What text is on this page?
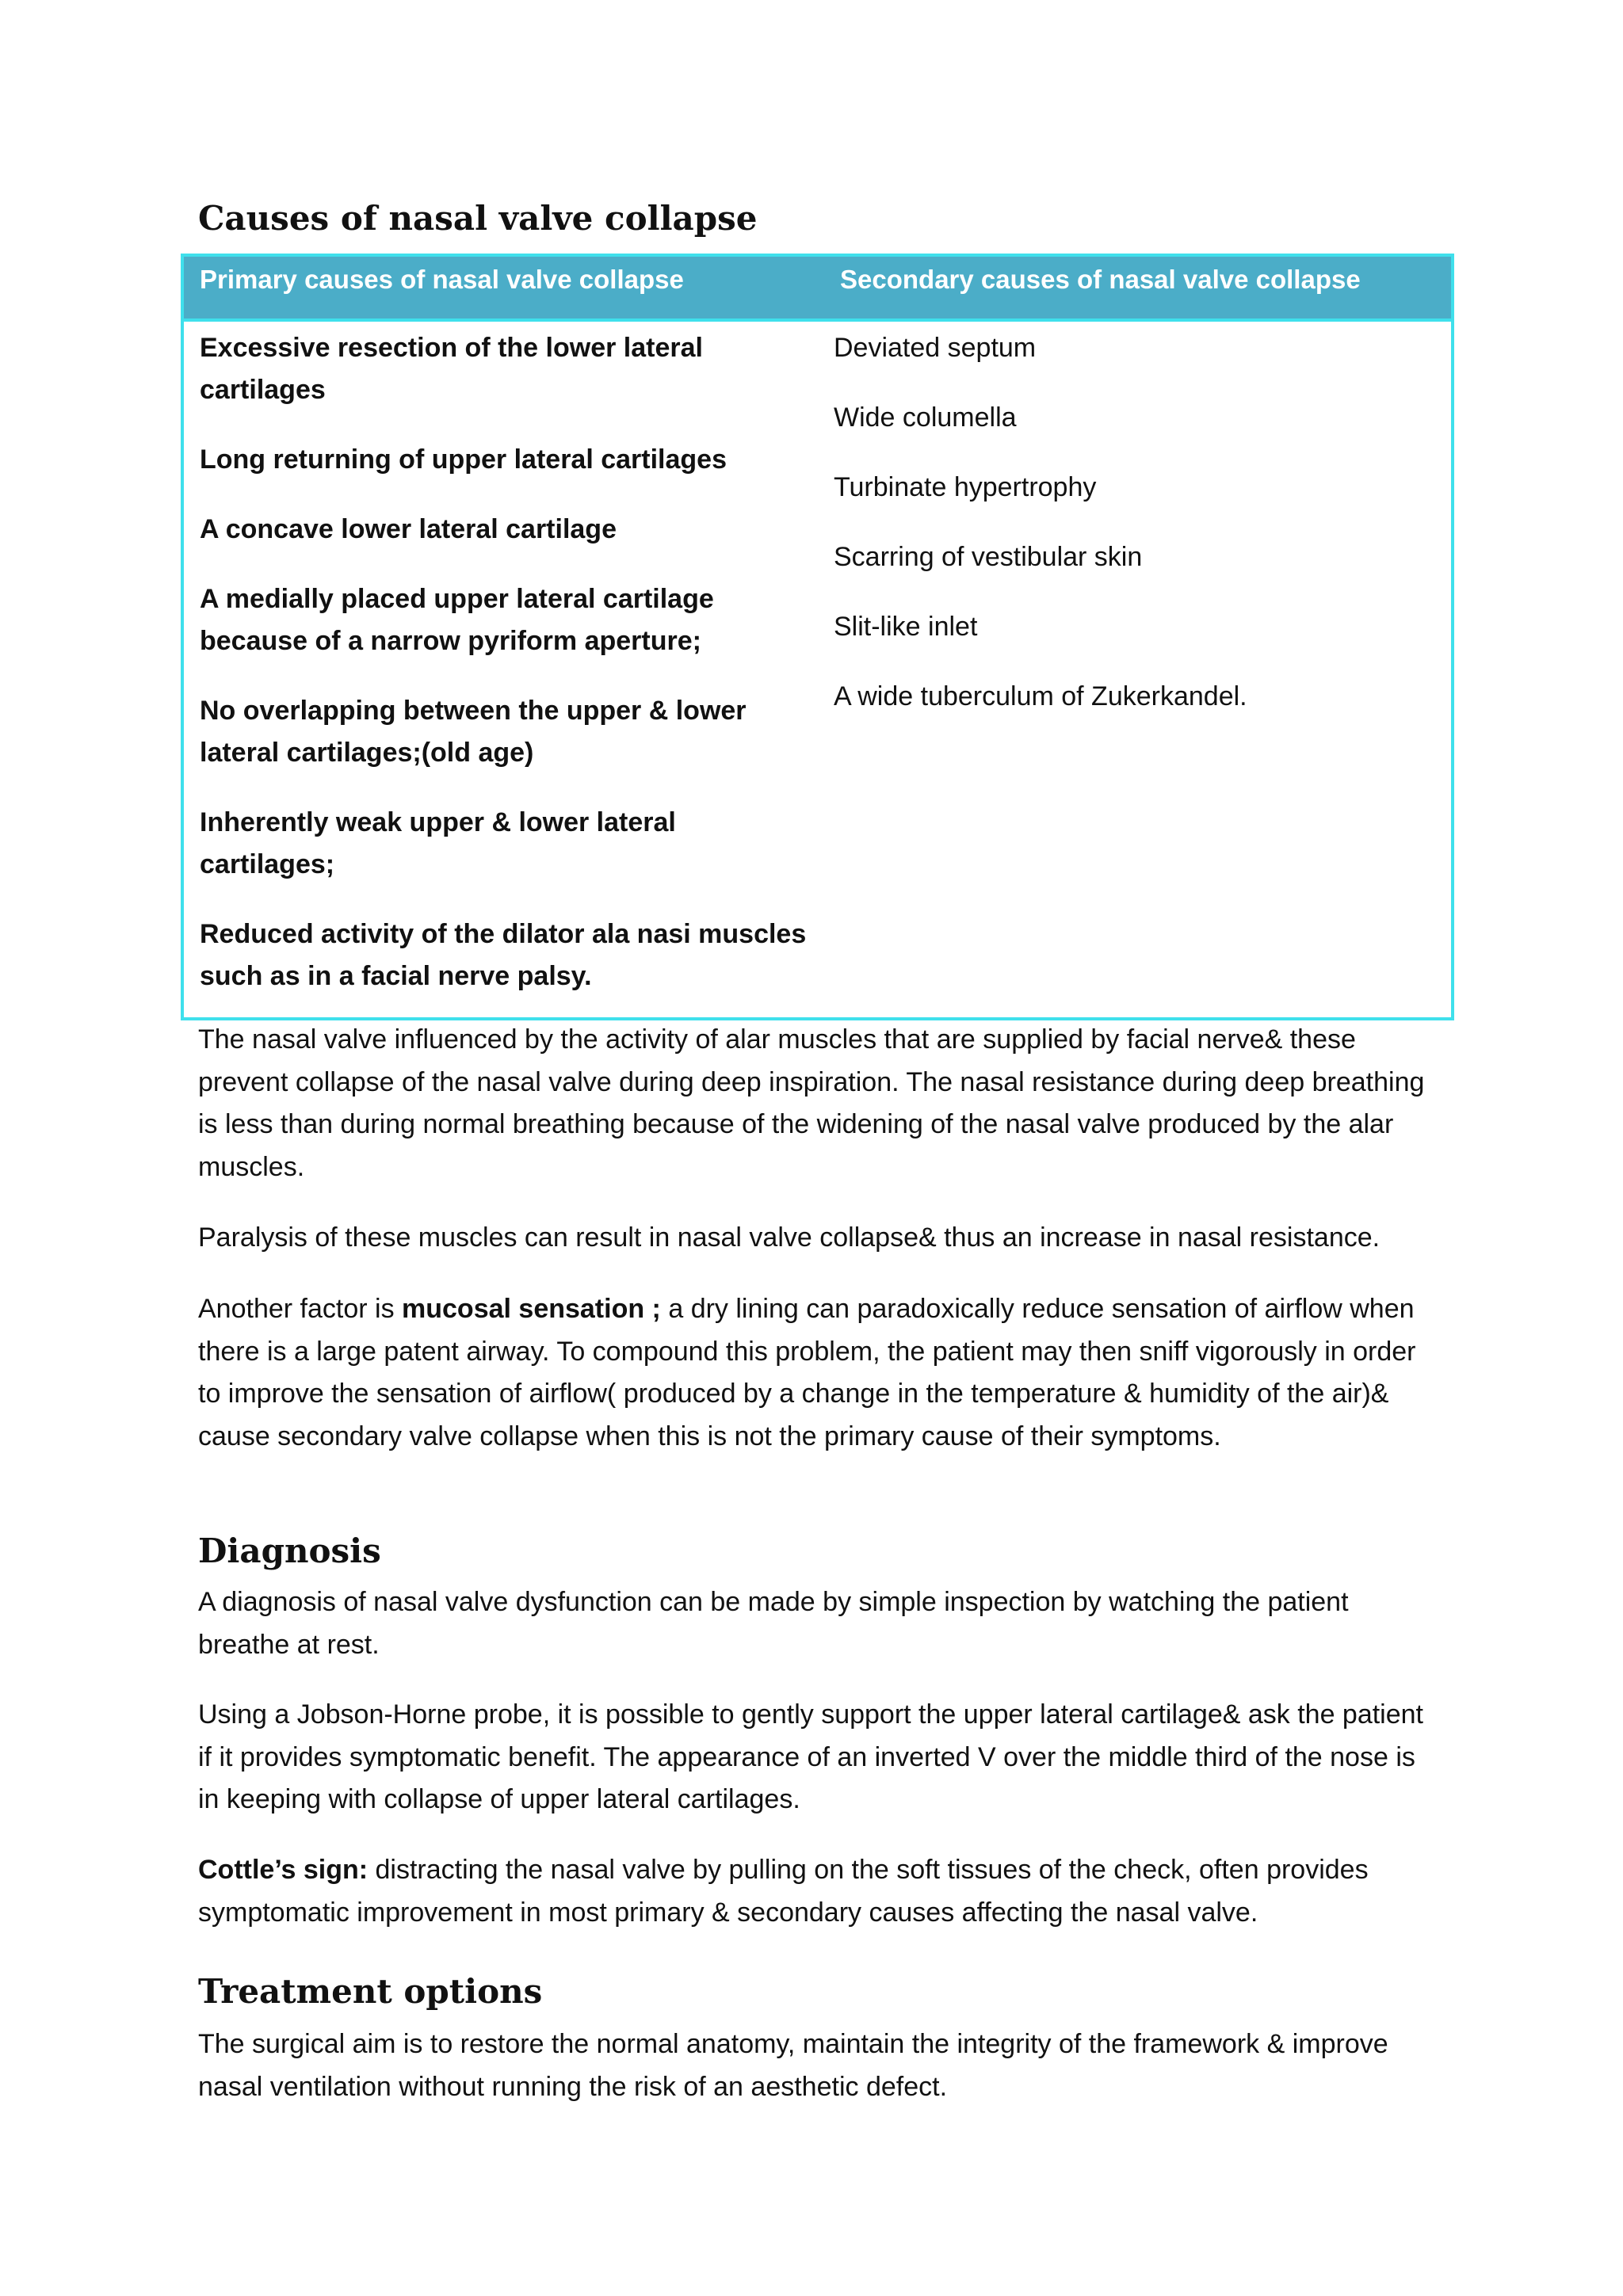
Causes of nasal valve collapse
Primary causes of nasal valve collapse	Secondary causes of nasal valve collapse
Excessive resection of the lower lateral cartilages
Long returning of upper lateral cartilages
A concave lower lateral cartilage
A medially placed upper lateral cartilage because of a narrow pyriform aperture;
No overlapping between the upper & lower lateral cartilages;(old age)
Inherently weak upper & lower lateral cartilages;
Reduced activity of the dilator ala nasi muscles such as in a facial nerve palsy.
Deviated septum
Wide columella
Turbinate hypertrophy
Scarring of vestibular skin
Slit-like inlet
A wide tuberculum of Zukerkandel.

The nasal valve influenced by the activity of alar muscles that are supplied by facial nerve& these prevent collapse of the nasal valve during deep inspiration. The nasal resistance during deep breathing is less than during normal breathing because of the widening of the nasal valve produced by the alar muscles.

Paralysis of these muscles can result in nasal valve collapse& thus an increase in nasal resistance.

Another factor is mucosal sensation ; a dry lining can paradoxically reduce sensation of airflow when there is a large patent airway. To compound this problem, the patient may then sniff vigorously in order to improve the sensation of airflow( produced by a change in the temperature & humidity of the air)& cause secondary valve collapse when this is not the primary cause of their symptoms.

Diagnosis

A diagnosis of nasal valve dysfunction can be made by simple inspection by watching the patient breathe at rest.

Using a Jobson-Horne probe, it is possible to gently support the upper lateral cartilage& ask the patient if it provides symptomatic benefit. The appearance of an inverted V over the middle third of the nose is in keeping with collapse of upper lateral cartilages.

Cottle’s sign: distracting the nasal valve by pulling on the soft tissues of the check, often provides symptomatic improvement in most primary & secondary causes affecting the nasal valve.

Treatment options

The surgical aim is to restore the normal anatomy, maintain the integrity of the framework & improve nasal ventilation without running the risk of an aesthetic defect.
